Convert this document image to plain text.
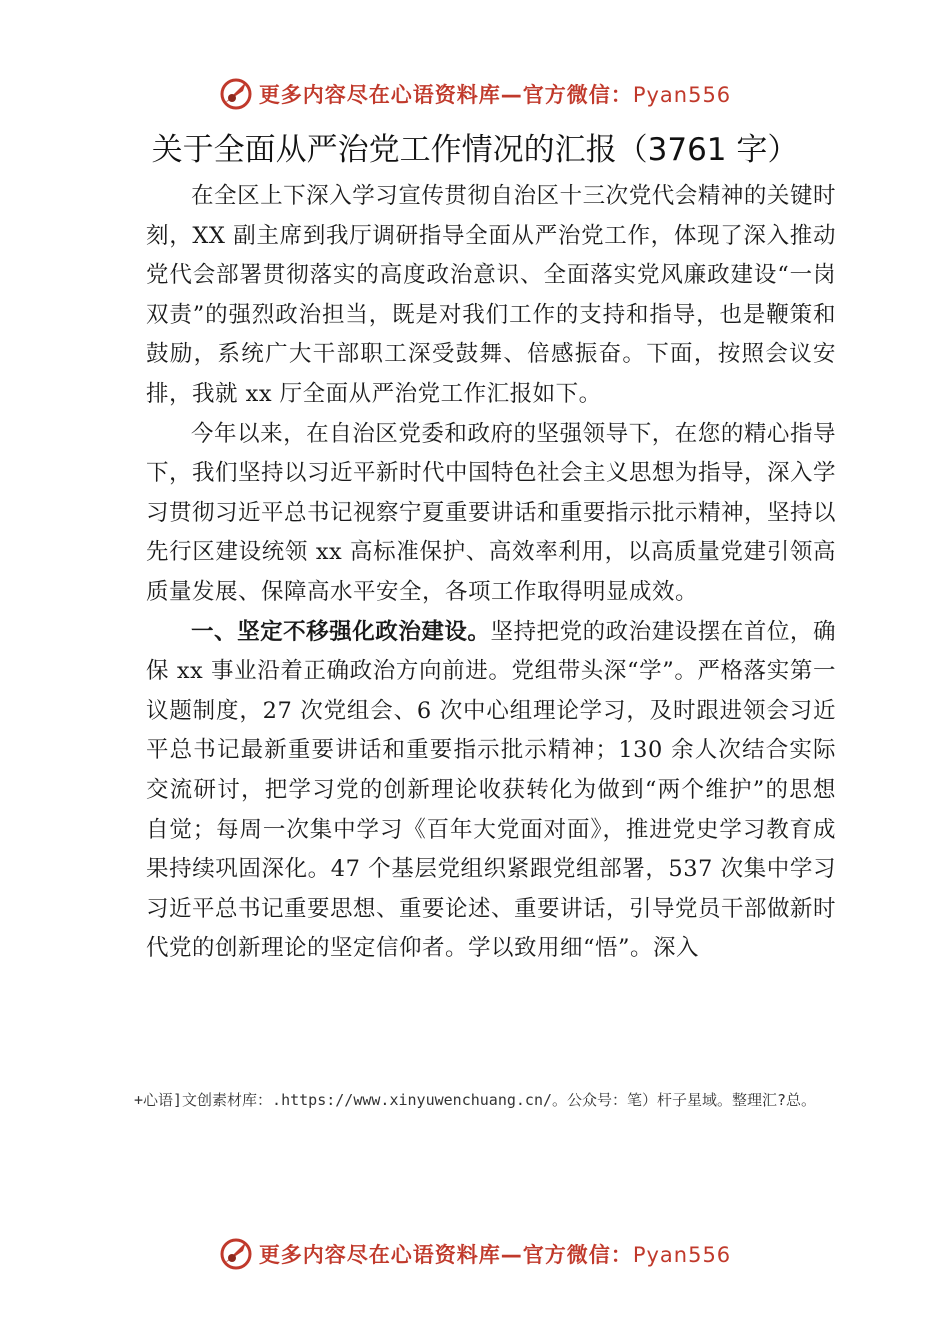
更多内容尽在心语资料库—官方微信：Pyan556
关于全面从严治党工作情况的汇报（3761 字）

在全区上下深入学习宣传贯彻自治区十三次党代会精神的关键时刻，XX 副主席到我厅调研指导全面从严治党工作，体现了深入推动党代会部署贯彻落实的高度政治意识、全面落实党风廉政建设“一岗双责”的强烈政治担当，既是对我们工作的支持和指导，也是鞭策和鼓励，系统广大干部职工深受鼓舞、倍感振奋。下面，按照会议安排，我就 xx 厅全面从严治党工作汇报如下。

今年以来，在自治区党委和政府的坚强领导下，在您的精心指导下，我们坚持以习近平新时代中国特色社会主义思想为指导，深入学习贯彻习近平总书记视察宁夏重要讲话和重要指示批示精神，坚持以先行区建设统领 xx 高标准保护、高效率利用，以高质量党建引领高质量发展、保障高水平安全，各项工作取得明显成效。

一、坚定不移强化政治建设。坚持把党的政治建设摆在首位，确保 xx 事业沿着正确政治方向前进。党组带头深“学”。严格落实第一议题制度，27 次党组会、6 次中心组理论学习，及时跟进领会习近平总书记最新重要讲话和重要指示批示精神；130 余人次结合实际交流研讨，把学习党的创新理论收获转化为做到“两个维护”的思想自觉；每周一次集中学习《百年大党面对面》，推进党史学习教育成果持续巩固深化。47 个基层党组织紧跟党组部署，537 次集中学习习近平总书记重要思想、重要论述、重要讲话，引导党员干部做新时代党的创新理论的坚定信仰者。学以致用细“悟”。深入

+心语]文创素材库：.https://www.xinyuwenchuang.cn/。公众号：笔）杆子星域。整理汇?总。

更多内容尽在心语资料库—官方微信：Pyan556
